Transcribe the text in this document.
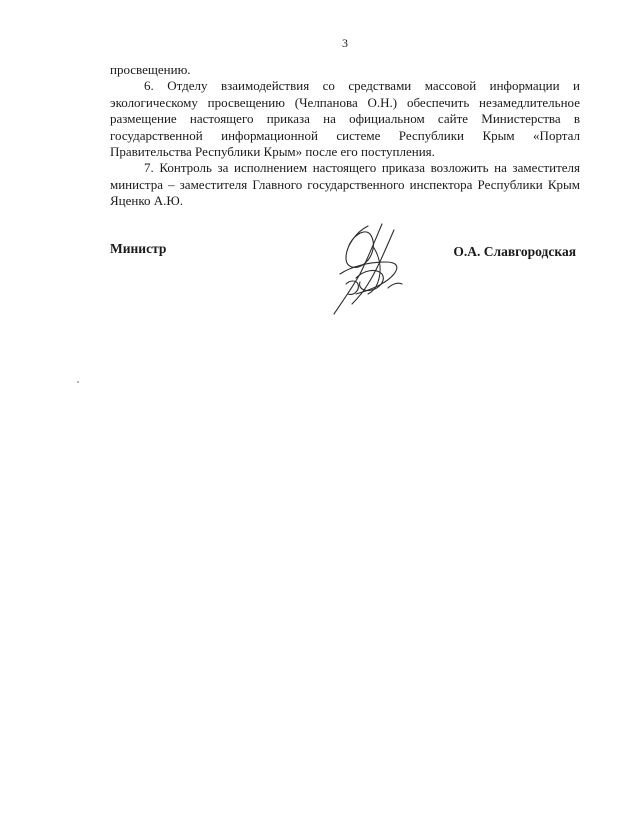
3

просвещению.

6. Отделу взаимодействия со средствами массовой информации и экологическому просвещению (Челпанова О.Н.) обеспечить незамедлительное размещение настоящего приказа на официальном сайте Министерства в государственной информационной системе Республики Крым «Портал Правительства Республики Крым» после его поступления.

7. Контроль за исполнением настоящего приказа возложить на заместителя министра – заместителя Главного государственного инспектора Республики Крым Яценко А.Ю.

Министр	О.А. Славгородская
